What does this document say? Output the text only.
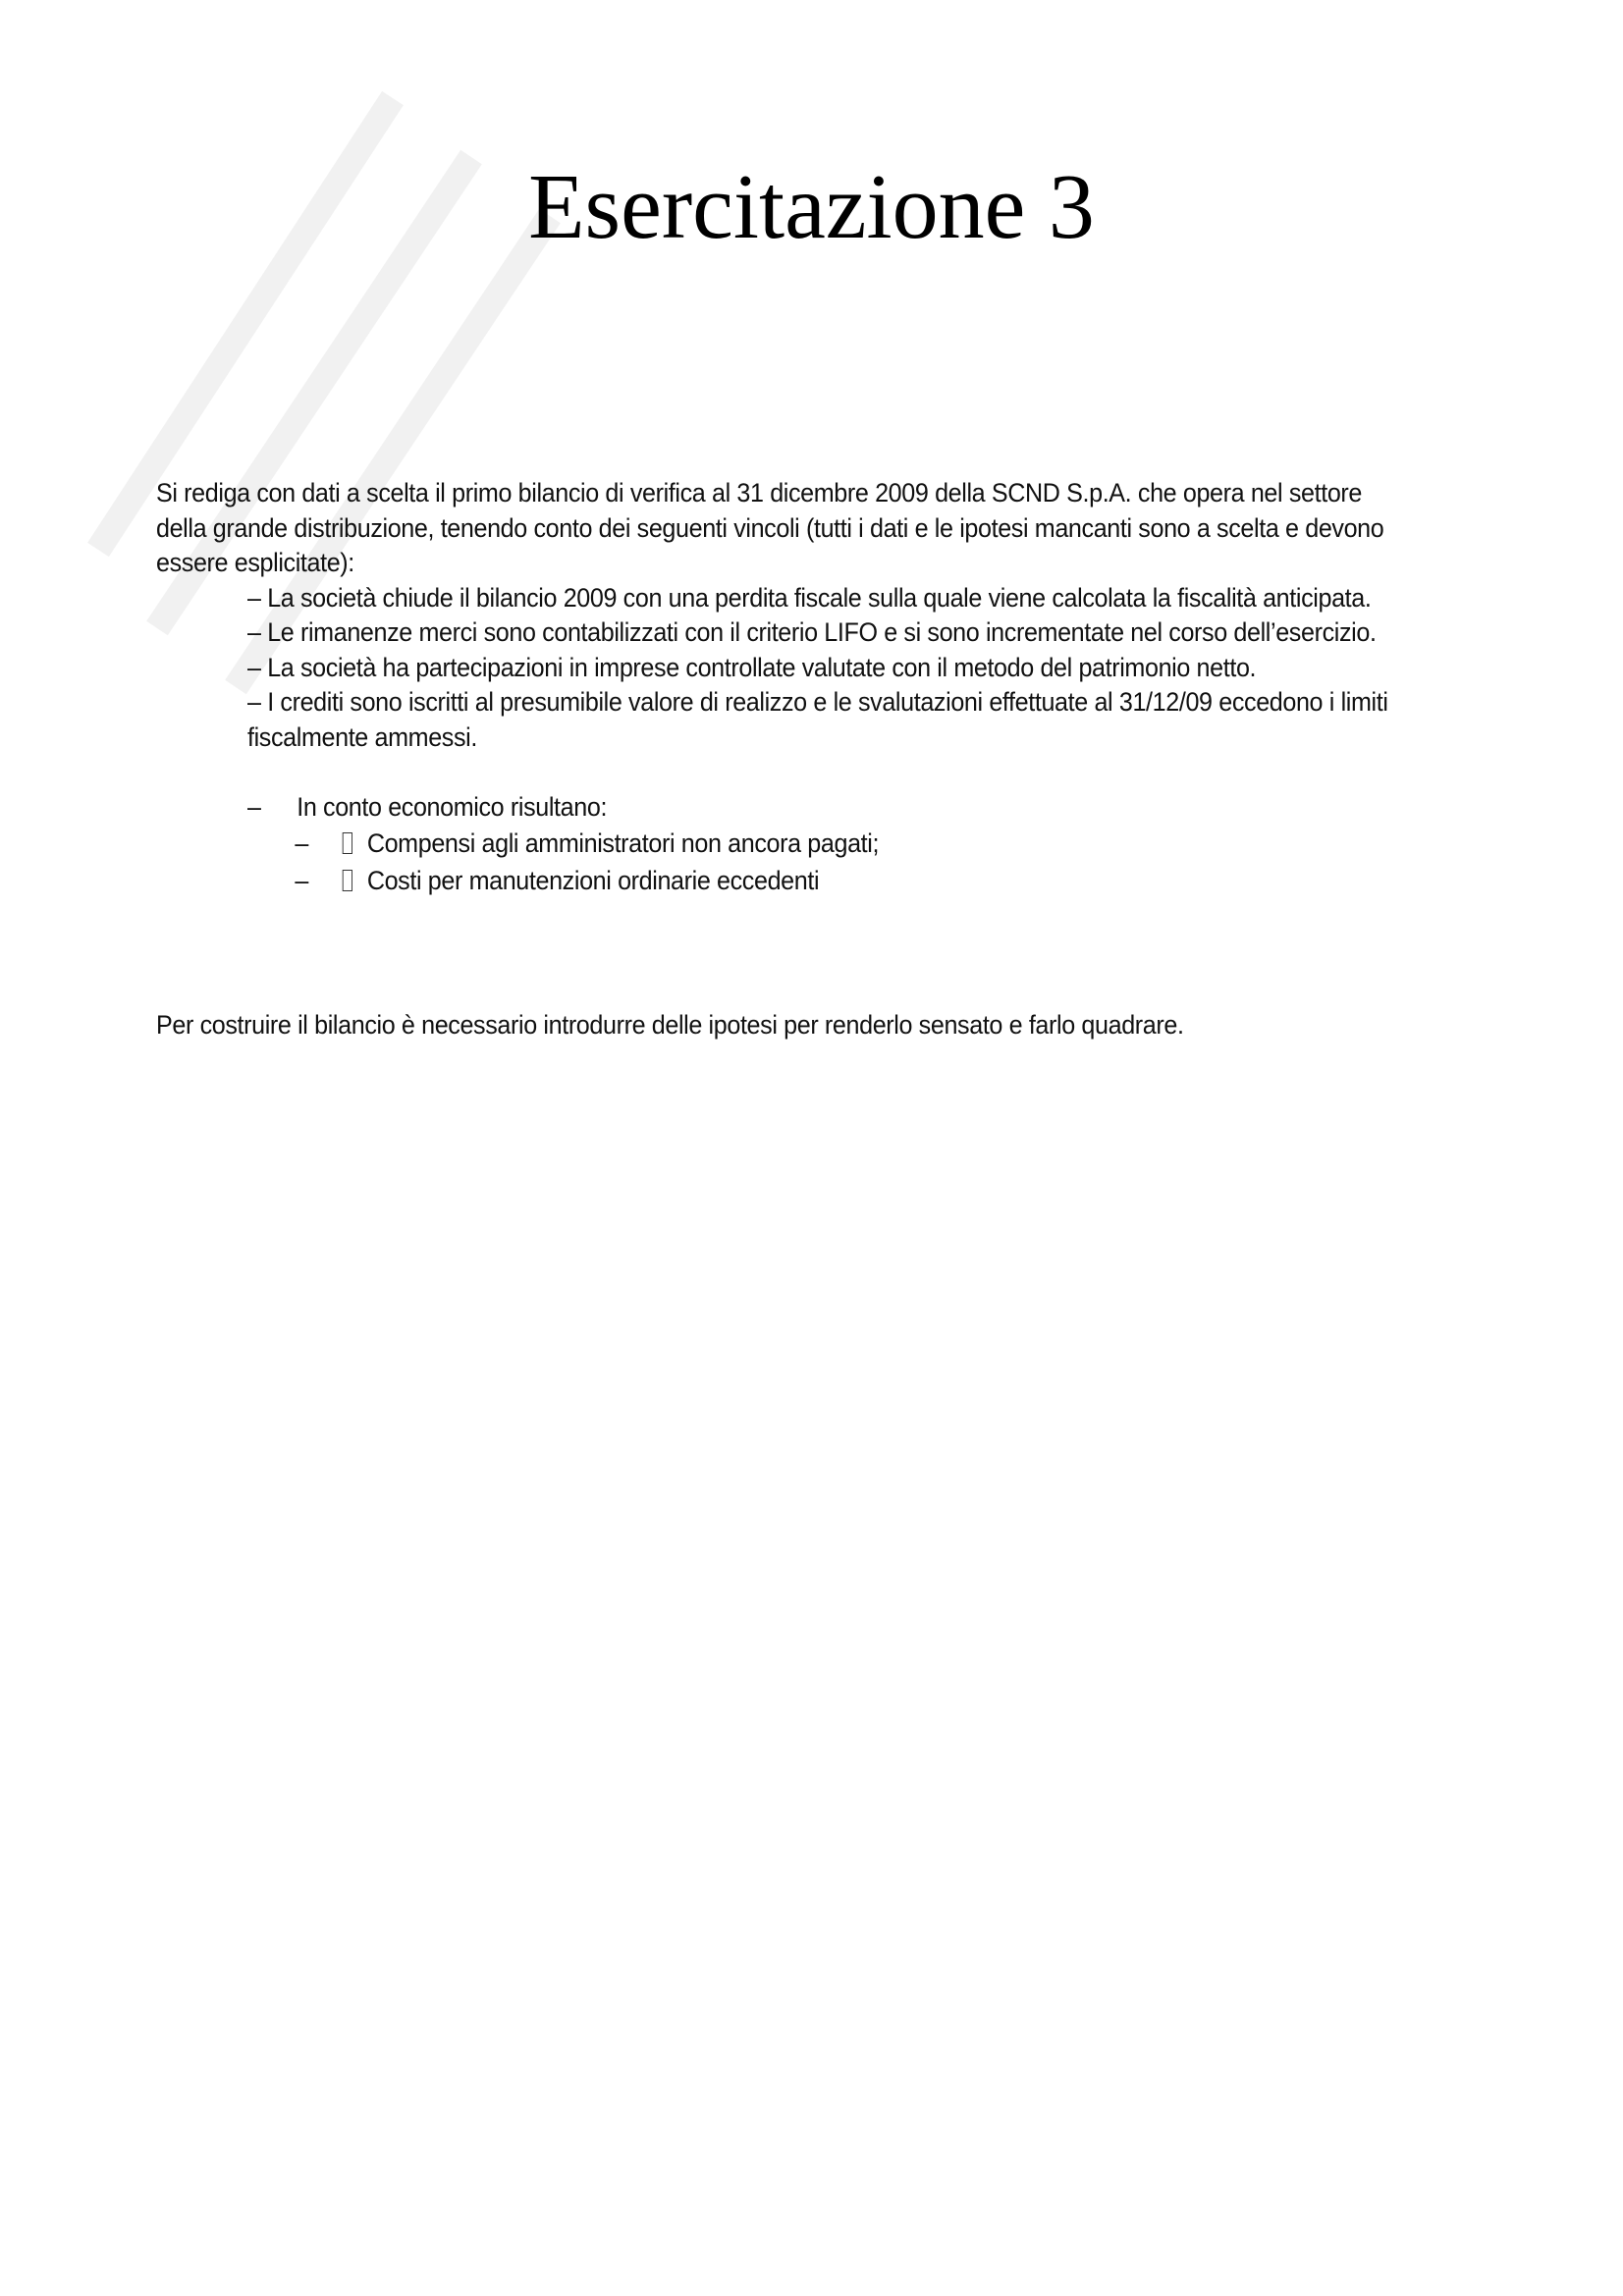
Esercitazione 3

Si rediga con dati a scelta il primo bilancio di verifica al 31 dicembre 2009 della SCND S.p.A. che opera nel settore della grande distribuzione, tenendo conto dei seguenti vincoli (tutti i dati e le ipotesi mancanti sono a scelta e devono essere esplicitate):

– La società chiude il bilancio 2009 con una perdita fiscale sulla quale viene calcolata la fiscalità anticipata.
– Le rimanenze merci sono contabilizzati con il criterio LIFO e si sono incrementate nel corso dell’esercizio.
– La società ha partecipazioni in imprese controllate valutate con il metodo del patrimonio netto.
– I crediti sono iscritti al presumibile valore di realizzo e le svalutazioni effettuate al 31/12/09 eccedono i limiti fiscalmente ammessi.
–	In conto economico risultano:
–	Compensi agli amministratori non ancora pagati;
–	Costi per manutenzioni ordinarie eccedenti

Per costruire il bilancio è necessario introdurre delle ipotesi per renderlo sensato e farlo quadrare.
